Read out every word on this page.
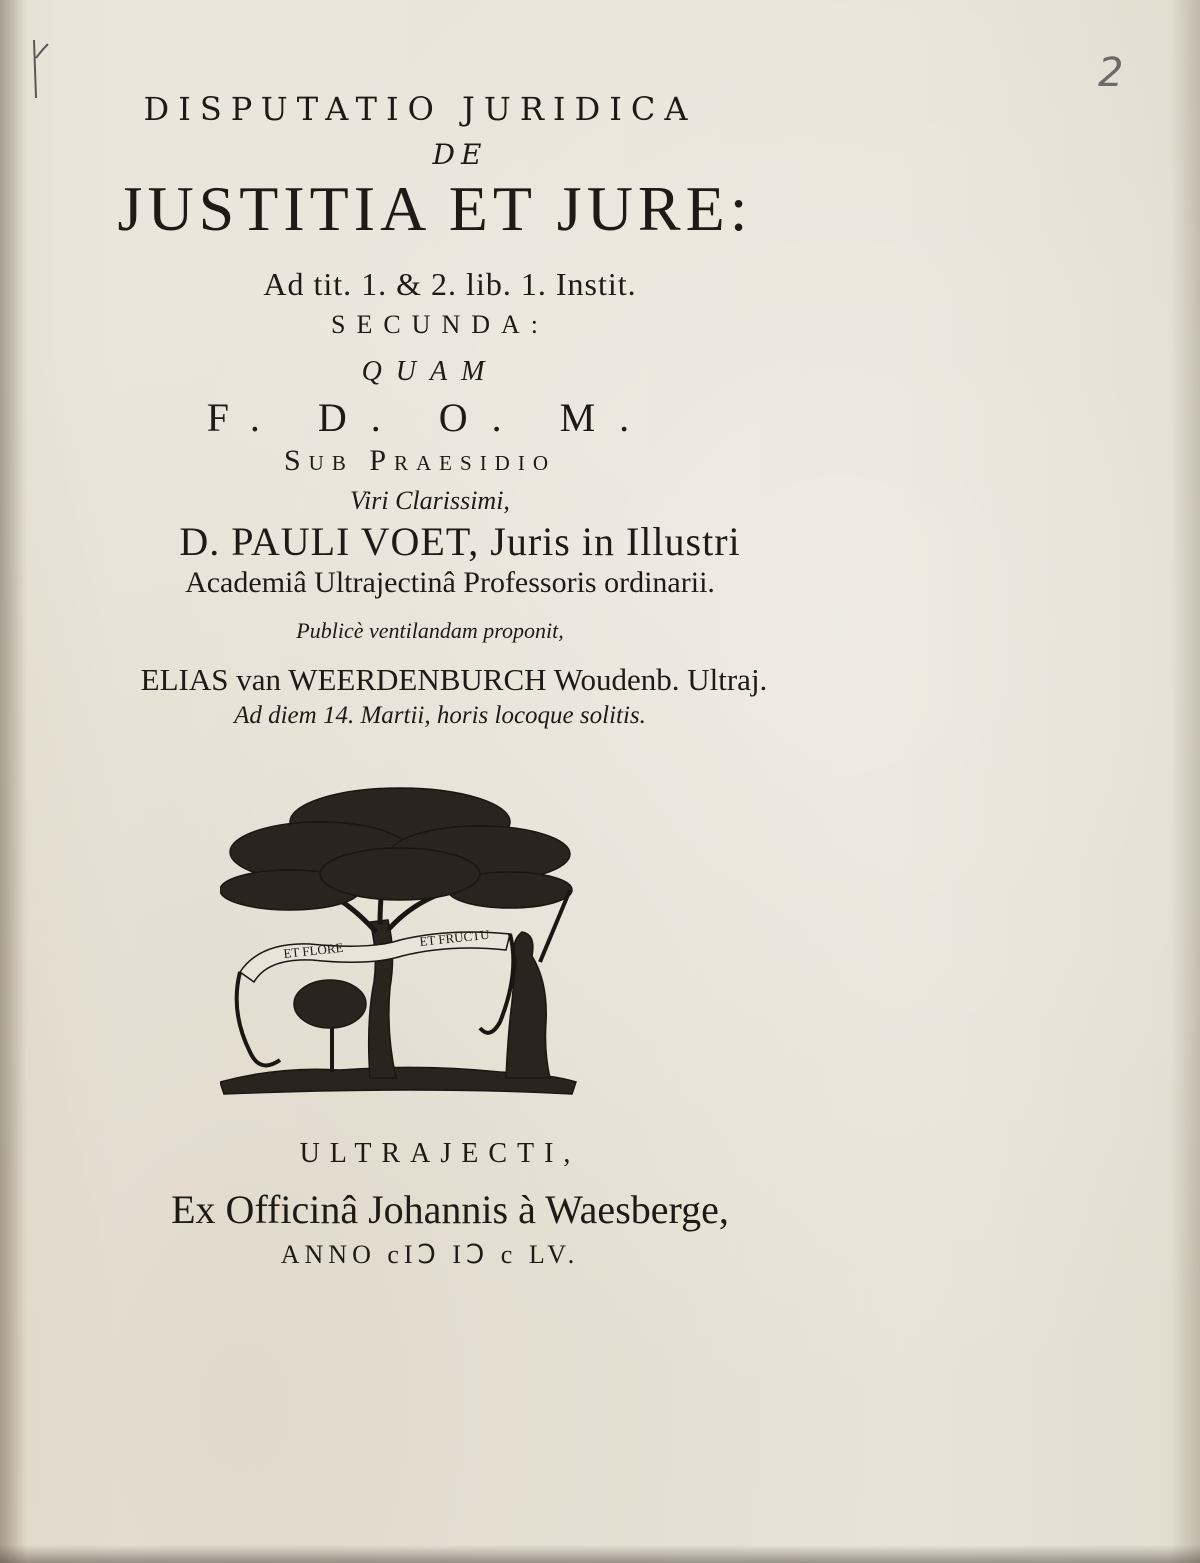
2
DISPUTATIO JURIDICA
DE
JUSTITIA ET JURE:
Ad tit. 1. & 2. lib. 1. Instit.
SECUNDA:
QUAM
F. D. O. M.
Sub Praesidio
Viri Clarissimi,
D. PAULI VOET, Juris in Illustri
Academiâ Ultrajectinâ Professoris ordinarii.
Publicè ventilandam proponit,
ELIAS van WEERDENBURCH Woudenb. Ultraj.
Ad diem 14. Martii, horis locoque solitis.
ET FLORE
ET FRUCTU
ULTRAJECTI,
Ex Officinâ Johannis à Waesberge,
ANNO cIↃ IↃ c LV.
